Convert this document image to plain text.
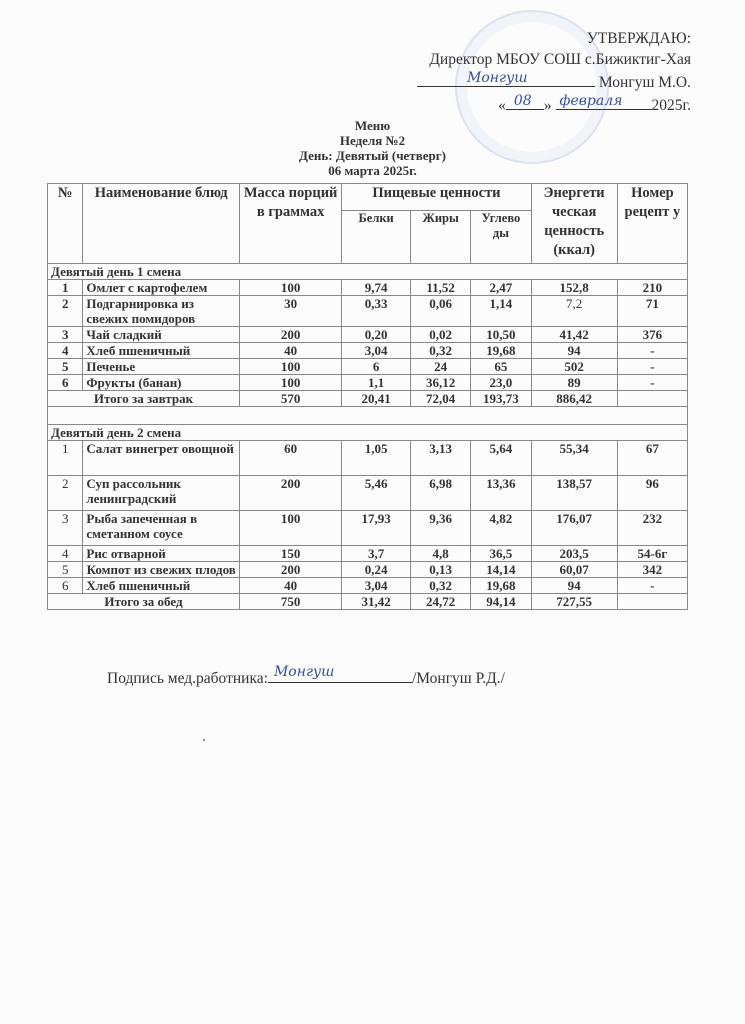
УТВЕРЖДАЮ:
Директор МБОУ СОШ с.Бижиктиг-Хая
Монгуш	Монгуш М.О.
« 08 » февраля 2025г.
Меню
Неделя №2
День: Девятый (четверг)
06 марта 2025г.
№	Наименование блюд	Масса порций в граммах	Пищевые ценности			Энергети ческая ценность (ккал)	Номер рецепт у
			Белки	Жиры	Углево ды		
Девятый день 1 смена							
1	Омлет с картофелем	100	9,74	11,52	2,47	152,8	210
2	Подгарнировка из свежих помидоров	30	0,33	0,06	1,14	7,2	71
3	Чай сладкий	200	0,20	0,02	10,50	41,42	376
4	Хлеб пшеничный	40	3,04	0,32	19,68	94	-
5	Печенье	100	6	24	65	502	-
6	Фрукты (банан)	100	1,1	36,12	23,0	89	-
Итого за завтрак		570	20,41	72,04	193,73	886,42	

Девятый день 2 смена							
1	Салат винегрет овощной	60	1,05	3,13	5,64	55,34	67
2	Суп рассольник ленинградский	200	5,46	6,98	13,36	138,57	96
3	Рыба запеченная в сметанном соусе	100	17,93	9,36	4,82	176,07	232
4	Рис отварной	150	3,7	4,8	36,5	203,5	54-6г
5	Компот из свежих плодов	200	0,24	0,13	14,14	60,07	342
6	Хлеб пшеничный	40	3,04	0,32	19,68	94	-
Итого за обед		750	31,42	24,72	94,14	727,55	
Подпись мед.работника: Монгуш	/Монгуш Р.Д./
